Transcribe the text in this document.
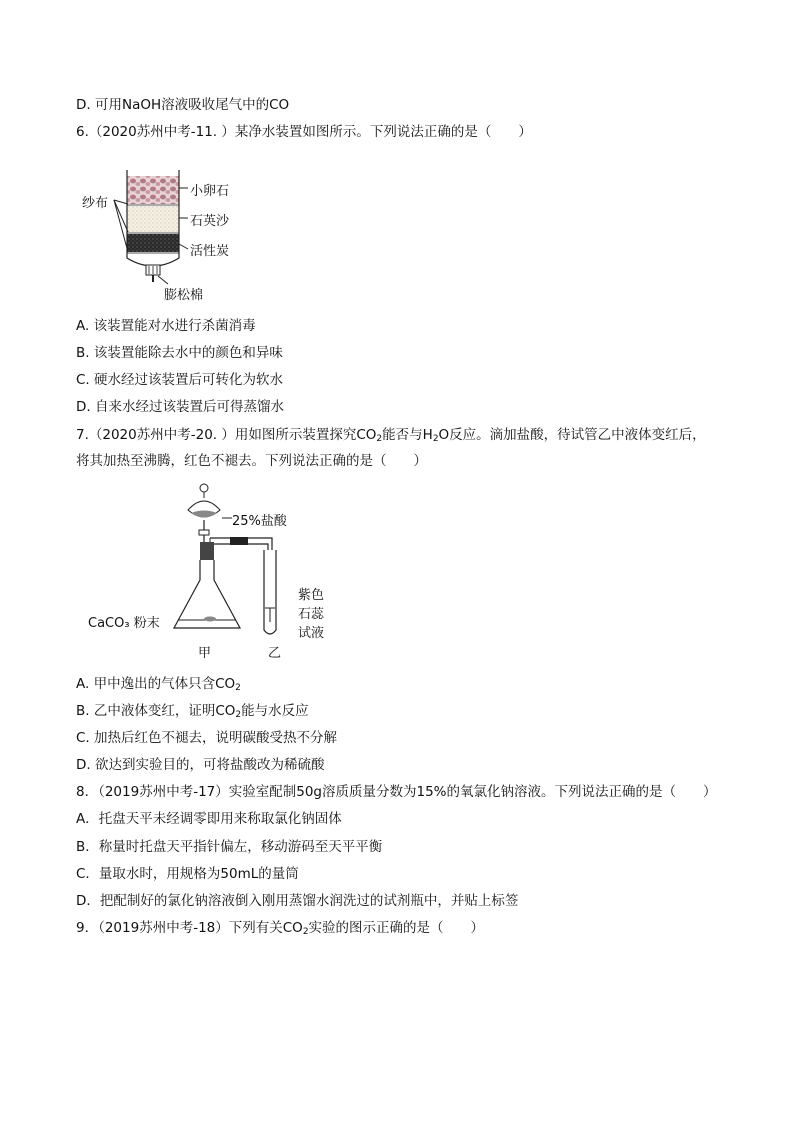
D. 可用NaOH溶液吸收尾气中的CO
6.（2020苏州中考-11. ）某净水装置如图所示。下列说法正确的是（　　）
纱布
小卵石
石英沙
活性炭
膨松棉
A. 该装置能对水进行杀菌消毒
B. 该装置能除去水中的颜色和异味
C. 硬水经过该装置后可转化为软水
D. 自来水经过该装置后可得蒸馏水
7.（2020苏州中考-20. ）用如图所示装置探究$CO_2$能否与$H_2O$反应。滴加盐酸，待试管乙中液体变红后，
将其加热至沸腾，红色不褪去。下列说法正确的是（　　）
25%盐酸
CaCO₃ 粉末
甲	乙
紫色
石蕊
试液
A. 甲中逸出的气体只含$CO_2$
B. 乙中液体变红，证明$CO_2$能与水反应
C. 加热后红色不褪去，说明碳酸受热不分解
D. 欲达到实验目的，可将盐酸改为稀硫酸
8．（2019苏州中考-17）实验室配制50g溶质质量分数为15%的氧氯化钠溶液。下列说法正确的是（　　）
A．托盘天平未经调零即用来称取氯化钠固体
B．称量时托盘天平指针偏左，移动游码至天平平衡
C．量取水时，用规格为50mL的量筒
D．把配制好的氯化钠溶液倒入刚用蒸馏水润洗过的试剂瓶中，并贴上标签
9．（2019苏州中考-18）下列有关$CO_2$实验的图示正确的是（　　）
